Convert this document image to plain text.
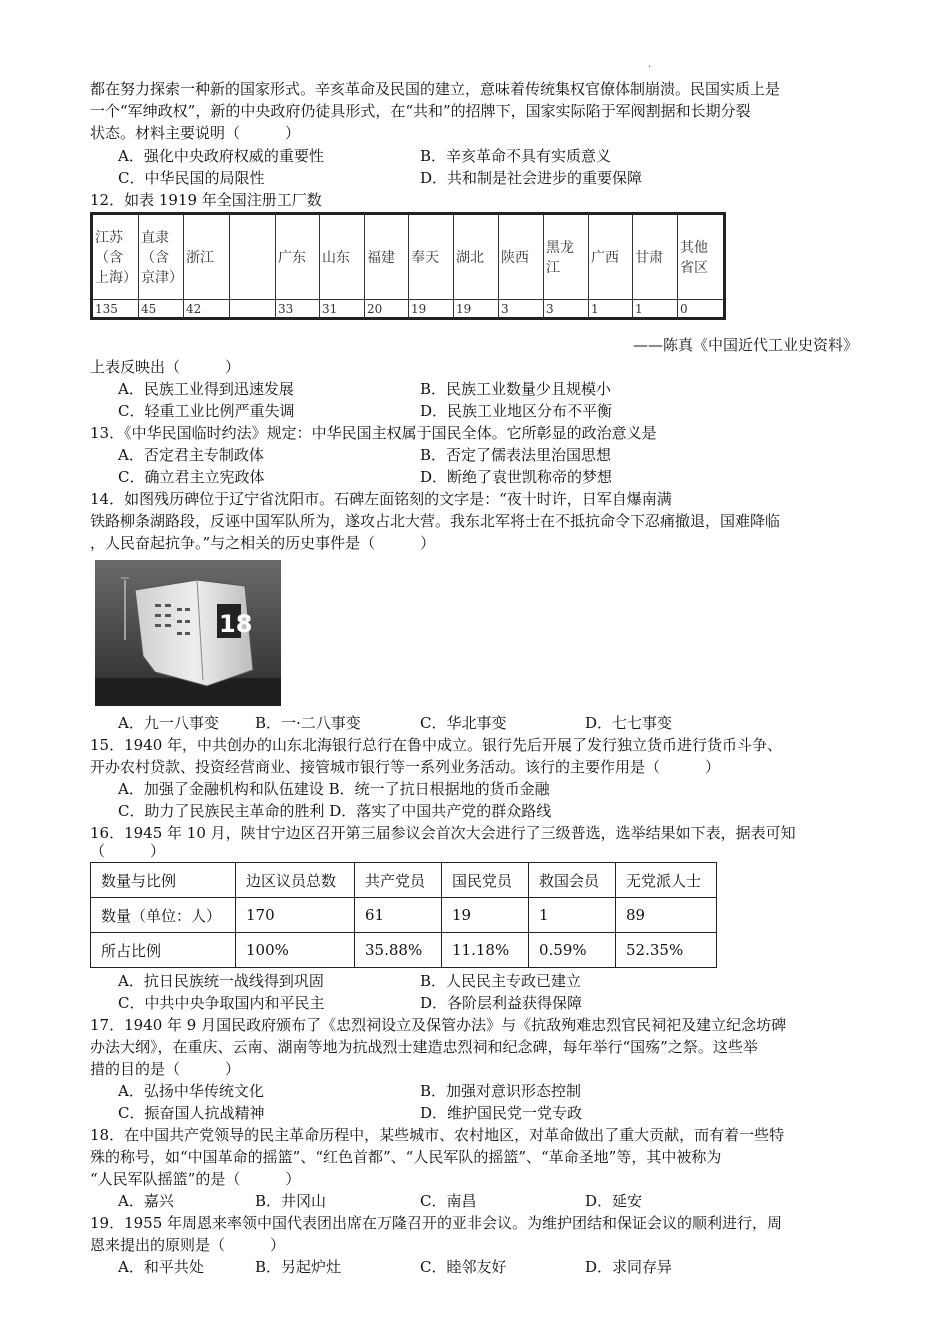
·
都在努力探索一种新的国家形式。辛亥革命及民国的建立，意味着传统集权官僚体制崩溃。民国实质上是
一个“军绅政权”，新的中央政府仍徒具形式，在“共和”的招牌下，国家实际陷于军阀割据和长期分裂
状态。材料主要说明（　　　）
A．强化中央政府权威的重要性	B．辛亥革命不具有实质意义
C．中华民国的局限性	D．共和制是社会进步的重要保障
12．如表 1919 年全国注册工厂数
江苏（含上海）	直隶（含京津）	浙江		广东	山东	福建	奉天	湖北	陕西	黑龙江	广西	甘肃	其他省区
135	45	42		33	31	20	19	19	3	3	1	1	0
——陈真《中国近代工业史资料》
上表反映出（　　　）
A．民族工业得到迅速发展	B．民族工业数量少且规模小
C．轻重工业比例严重失调	D．民族工业地区分布不平衡
13．《中华民国临时约法》规定：中华民国主权属于国民全体。它所彰显的政治意义是
A．否定君主专制政体	B．否定了儒表法里治国思想
C．确立君主立宪政体	D．断绝了袁世凯称帝的梦想
14．如图残历碑位于辽宁省沈阳市。石碑左面铭刻的文字是：“夜十时许，日军自爆南满
铁路柳条湖路段，反诬中国军队所为，遂攻占北大营。我东北军将士在不抵抗命令下忍痛撤退，国难降临
，人民奋起抗争。”与之相关的历史事件是（　　　）
18
A．九一八事变 B．一·二八事变	C．华北事变	D．七七事变
15．1940 年，中共创办的山东北海银行总行在鲁中成立。银行先后开展了发行独立货币进行货币斗争、
开办农村贷款、投资经营商业、接管城市银行等一系列业务活动。该行的主要作用是（　　　）
A．加强了金融机构和队伍建设 B．统一了抗日根据地的货币金融
C．助力了民族民主革命的胜利 D．落实了中国共产党的群众路线
16．1945 年 10 月，陕甘宁边区召开第三届参议会首次大会进行了三级普选，选举结果如下表，据表可知
（　　　）
数量与比例	边区议员总数	共产党员	国民党员	救国会员	无党派人士
数量（单位：人）	170	61	19	1	89
所占比例	100%	35.88%	11.18%	0.59%	52.35%
A．抗日民族统一战线得到巩固	B．人民民主专政已建立
C．中共中央争取国内和平民主	D．各阶层利益获得保障
17．1940 年 9 月国民政府颁布了《忠烈祠设立及保管办法》与《抗敌殉难忠烈官民祠祀及建立纪念坊碑
办法大纲》，在重庆、云南、湖南等地为抗战烈士建造忠烈祠和纪念碑，每年举行“国殇”之祭。这些举
措的目的是（　　　）
A．弘扬中华传统文化	B．加强对意识形态控制
C．振奋国人抗战精神	D．维护国民党一党专政
18．在中国共产党领导的民主革命历程中，某些城市、农村地区，对革命做出了重大贡献，而有着一些特
殊的称号，如“中国革命的摇篮”、“红色首都”、“人民军队的摇篮”、“革命圣地”等，其中被称为
“人民军队摇篮”的是（　　　）
A．嘉兴	B．井冈山	C．南昌	D．延安
19．1955 年周恩来率领中国代表团出席在万隆召开的亚非会议。为维护团结和保证会议的顺利进行，周
恩来提出的原则是（　　　）
A．和平共处	B．另起炉灶	C．睦邻友好	D．求同存异
